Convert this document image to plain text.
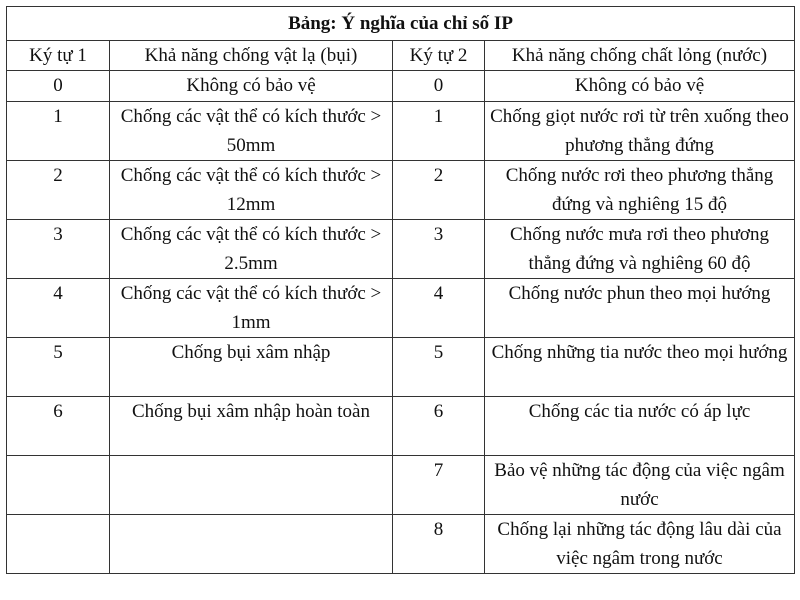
Bảng: Ý nghĩa của chỉ số IP			
Ký tự 1	Khả năng chống vật lạ (bụi)	Ký tự 2	Khả năng chống chất lỏng (nước)
0	Không có bảo vệ	0	Không có bảo vệ
1	Chống các vật thể có kích thước > 50mm	1	Chống giọt nước rơi từ trên xuống theo phương thẳng đứng
2	Chống các vật thể có kích thước > 12mm	2	Chống nước rơi theo phương thẳng đứng và nghiêng 15 độ
3	Chống các vật thể có kích thước > 2.5mm	3	Chống nước mưa rơi theo phương thẳng đứng và nghiêng 60 độ
4	Chống các vật thể có kích thước > 1mm	4	Chống nước phun theo mọi hướng
5	Chống bụi xâm nhập	5	Chống những tia nước theo mọi hướng
6	Chống bụi xâm nhập hoàn toàn	6	Chống các tia nước có áp lực
		7	Bảo vệ những tác động của việc ngâm nước
		8	Chống lại những tác động lâu dài của việc ngâm trong nước
